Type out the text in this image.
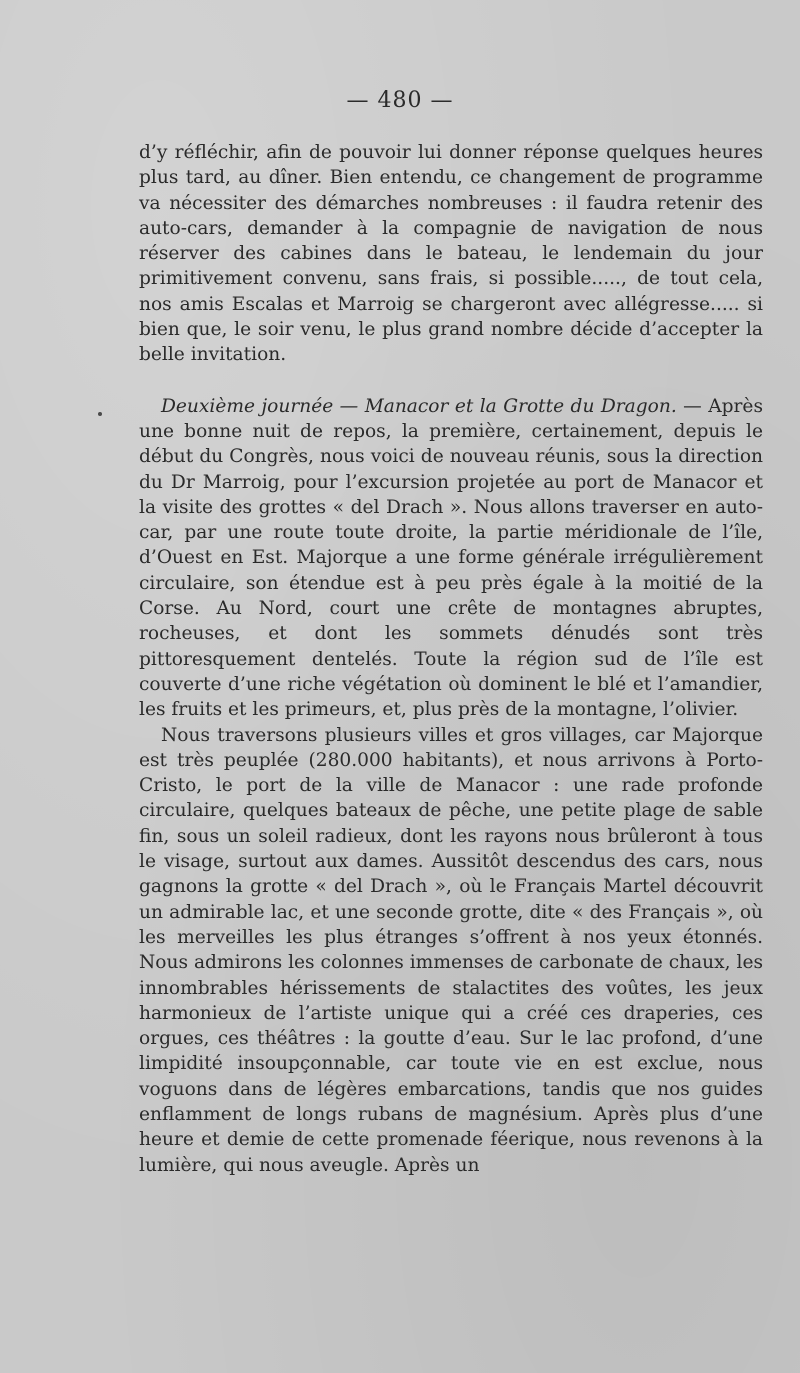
— 480 —

d’y réfléchir, afin de pouvoir lui donner réponse quelques heures plus tard, au dîner. Bien entendu, ce changement de programme va nécessiter des démarches nombreuses : il faudra retenir des auto-cars, demander à la compagnie de navigation de nous réserver des cabines dans le bateau, le lendemain du jour primitivement convenu, sans frais, si possible....., de tout cela, nos amis Escalas et Marroig se chargeront avec allégresse..... si bien que, le soir venu, le plus grand nombre décide d’accepter la belle invitation.

Deuxième journée — Manacor et la Grotte du Dragon. — Après une bonne nuit de repos, la première, certainement, depuis le début du Congrès, nous voici de nouveau réunis, sous la direction du Dr Marroig, pour l’excursion projetée au port de Manacor et la visite des grottes « del Drach ». Nous allons traverser en auto-car, par une route toute droite, la partie méridionale de l’île, d’Ouest en Est. Majorque a une forme générale irrégulièrement circulaire, son étendue est à peu près égale à la moitié de la Corse. Au Nord, court une crête de montagnes abruptes, rocheuses, et dont les sommets dénudés sont très pittoresquement dentelés. Toute la région sud de l’île est couverte d’une riche végétation où dominent le blé et l’amandier, les fruits et les primeurs, et, plus près de la montagne, l’olivier.

Nous traversons plusieurs villes et gros villages, car Majorque est très peuplée (280.000 habitants), et nous arrivons à Porto-Cristo, le port de la ville de Manacor : une rade profonde circulaire, quelques bateaux de pêche, une petite plage de sable fin, sous un soleil radieux, dont les rayons nous brûleront à tous le visage, surtout aux dames. Aussitôt descendus des cars, nous gagnons la grotte « del Drach », où le Français Martel découvrit un admirable lac, et une seconde grotte, dite « des Français », où les merveilles les plus étranges s’offrent à nos yeux étonnés. Nous admirons les colonnes immenses de carbonate de chaux, les innombrables hérissements de stalactites des voûtes, les jeux harmonieux de l’artiste unique qui a créé ces draperies, ces orgues, ces théâtres : la goutte d’eau. Sur le lac profond, d’une limpidité insoupçonnable, car toute vie en est exclue, nous voguons dans de légères embarcations, tandis que nos guides enflamment de longs rubans de magnésium. Après plus d’une heure et demie de cette promenade féerique, nous revenons à la lumière, qui nous aveugle. Après un
